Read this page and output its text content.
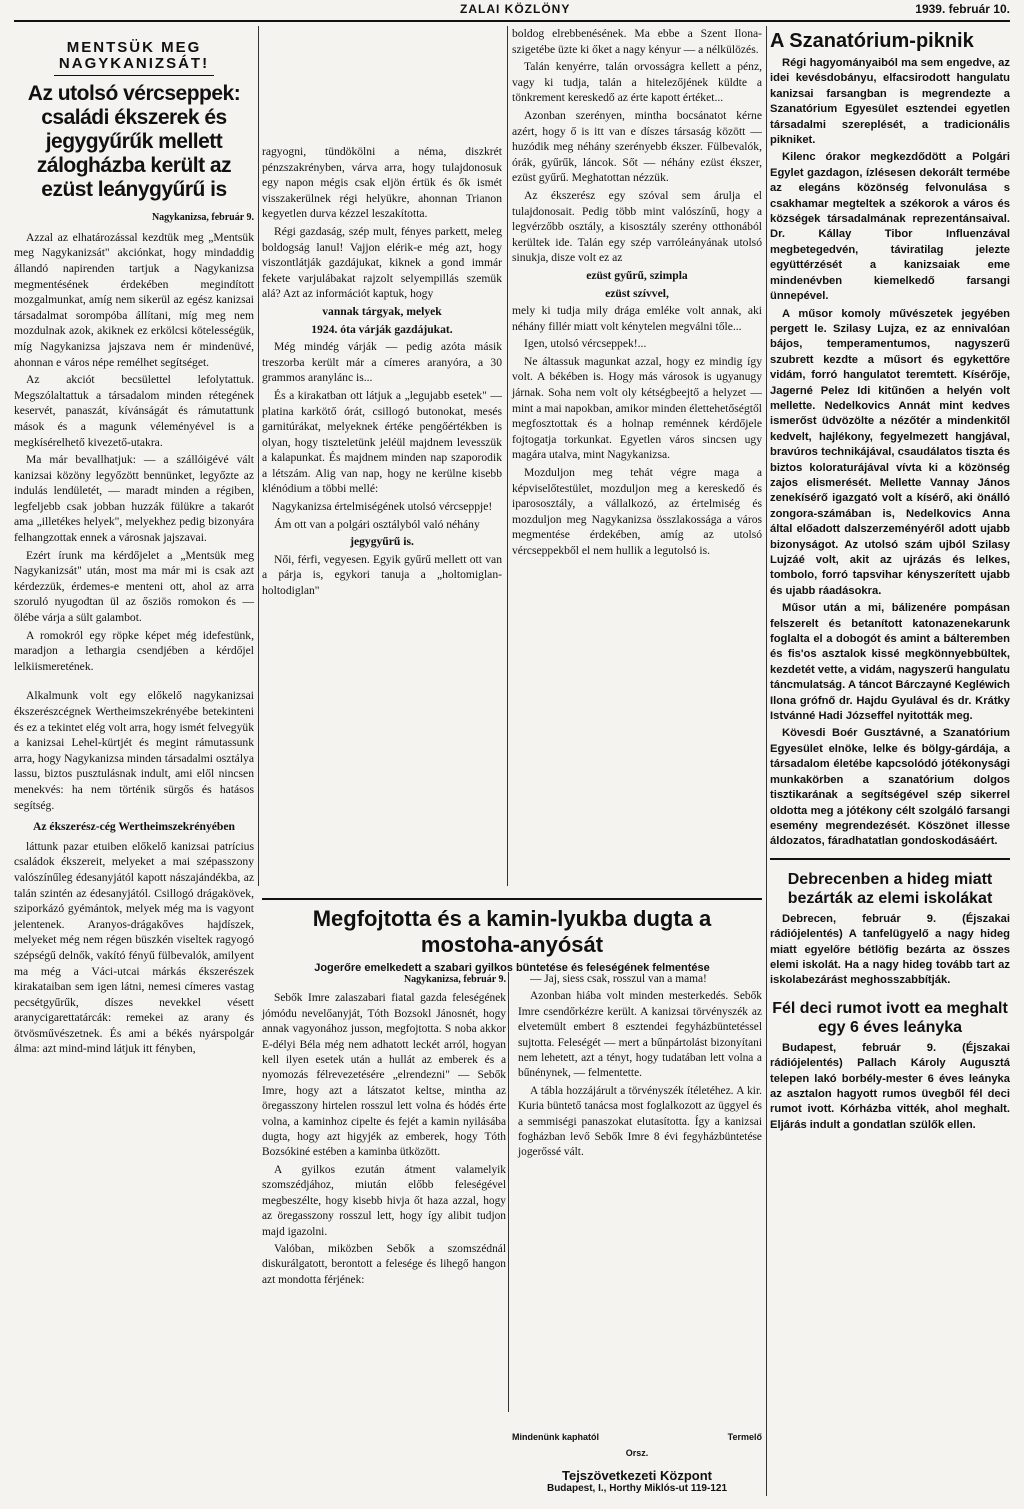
ZALAI KÖZLÖNY	1939. február 10.
MENTSÜK MEG NAGYKANIZSÁT!
Az utolsó vércseppek: családi ékszerek és jegygyűrűk mellett zálogházba került az ezüst leánygyűrű is
Nagykanizsa, február 9.

Azzal az elhatározással kezdtük meg „Mentsük meg Nagykanizsát" akciónkat, hogy mindaddig állandó napirenden tartjuk a Nagykanizsa megmentésének érdekében megindított mozgalmunkat, amíg nem sikerül az egész kanizsai társadalmat sorompóba állítani, míg meg nem mozdulnak azok, akiknek ez erkölcsi kötelességük, míg Nagykanizsa jajszava nem ér mindenüvé, ahonnan e város népe remélhet segítséget.

Az akciót becsülettel lefolytattuk. Megszólaltattuk a társadalom minden rétegének keservét, panaszát, kívánságát és rámutattunk mások és a magunk véleményével is a megkísérelhető kivezető-utakra.

Ma már bevallhatjuk: — a szállóigévé vált kanizsai közöny legyőzött bennünket, legyőzte az indulás lendületét, — maradt minden a régiben, legfeljebb csak jobban huzzák fülükre a takarót ama „illetékes helyek", melyekhez pedig bizonyára felhangzottak ennek a városnak jajszavai.

Ezért írunk ma kérdőjelet a „Mentsük meg Nagykanizsát" után, most ma már mi is csak azt kérdezzük, érdemes-e menteni ott, ahol az arra szoruló nyugodtan ül az ősziös romokon és — ölébe várja a sült galambot.

A romokról egy röpke képet még idefestünk, maradjon a lethargia csendjében a kérdőjel lelkiismeretének.

Alkalmunk volt egy előkelő nagykanizsai ékszerészcégnek Wertheimszekrényébe betekinteni és ez a tekintet elég volt arra, hogy ismét felvegyük a kanizsai Lehel-kürtjét és megint rámutassunk arra, hogy Nagykanizsa minden társadalmi osztálya lassu, biztos pusztulásnak indult, ami elől nincsen menekvés: ha nem történik sürgős és hatásos segítség.

Az ékszerész-cég Wertheimszekrényében

láttunk pazar etuiben előkelő kanizsai patrícius családok ékszereit, melyeket a mai szépasszony valószínűleg édesanyjától kapott nászajándékba, az talán szintén az édesanyjától. Csillogó drágakövek, sziporkázó gyémántok, melyek még ma is vagyont jelentenek. Aranyos-drágakőves hajdíszek, melyeket még nem régen büszkén viseltek ragyogó szépségű delnők, vakító fényű fülbevalók, amilyent ma még a Váci-utcai márkás ékszerészek kirakataiban sem igen látni, nemesi címeres vastag pecsétgyűrűk, díszes nevekkel vésett aranycigarettatárcák: remekei az arany és ötvösművészetnek. És ami a békés nyárspolgár álma: azt mind-mind látjuk itt fényben,

ragyogni, tündökölni a néma, diszkrét pénzszakrényben, várva arra, hogy tulajdonosuk egy napon mégis csak eljön értük és ők ismét visszakerülnek régi helyükre, ahonnan Trianon kegyetlen durva kézzel leszakította.

Régi gazdaság, szép mult, fényes parkett, meleg boldogság lanul! Vajjon elérik-e még azt, hogy viszontlátják gazdájukat, kiknek a gond immár fekete varjulábakat rajzolt selyempillás szemük alá? Azt az információt kaptuk, hogy

vannak tárgyak, melyek

1924. óta várják gazdájukat.

Még mindég várják — pedig azóta másik treszorba került már a címeres aranyóra, a 30 grammos aranylánc is...

És a kirakatban ott látjuk a „legujabb esetek" — platina karkötő órát, csillogó butonokat, mesés garnitúrákat, melyeknek értéke pengőértékben is olyan, hogy tiszteletünk jeléül majdnem levesszük a kalapunkat. És majdnem minden nap szaporodik a létszám. Alig van nap, hogy ne kerülne kisebb klénódium a többi mellé:

Nagykanizsa értelmiségének utolsó vércseppje!

Ám ott van a polgári osztályból való néhány

jegygyűrű is.

Női, férfi, vegyesen. Egyik gyűrű mellett ott van a párja is, egykori tanuja a „holtomiglan-holtodiglan"

boldog elrebbenésének. Ma ebbe a Szent Ilona-szigetébe üzte ki őket a nagy kényur — a nélkülözés.

Talán kenyérre, talán orvosságra kellett a pénz, vagy ki tudja, talán a hitelezőjének küldte a tönkrement kereskedő az érte kapott értéket...

Azonban szerényen, mintha bocsánatot kérne azért, hogy ő is itt van e díszes társaság között — huzódik meg néhány szerényebb ékszer. Fülbevalók, órák, gyűrűk, láncok. Sőt — néhány ezüst ékszer, ezüst gyűrű. Meghatottan nézzük.

Az ékszerész egy szóval sem árulja el tulajdonosait. Pedig több mint valószínű, hogy a legvérzőbb osztály, a kisosztály szerény otthonából kerültek ide. Talán egy szép varróleányának utolsó sinukja, disze volt ez az

ezüst gyűrű, szimpla

ezüst szívvel,

mely ki tudja mily drága emléke volt annak, aki néhány fillér miatt volt kénytelen megválni tőle...

Igen, utolsó vércseppek!...

Ne áltassuk magunkat azzal, hogy ez mindig így volt. A békében is. Hogy más városok is ugyanugy járnak. Soha nem volt oly kétségbeejtő a helyzet — mint a mai napokban, amikor minden élettehetőségtől megfosztottak és a holnap reménnek kérdőjele fojtogatja torkunkat. Egyetlen város sincsen ugy magára utalva, mint Nagykanizsa.

Mozduljon meg tehát végre maga a képviselőtestület, mozduljon meg a kereskedő és iparososztály, a vállalkozó, az értelmiség és mozduljon meg Nagykanizsa összlakossága a város megmentése érdekében, amíg az utolsó vércseppekből el nem hullik a legutolsó is.

A Szanatórium-piknik

Régi hagyományaiból ma sem engedve, az idei kevésdobányu, elfacsirodott hangulatu kanizsai farsangban is megrendezte a Szanatórium Egyesület esztendei egyetlen társadalmi szereplését, a tradicionális pikniket.

Kilenc órakor megkezdődött a Polgári Egylet gazdagon, ízlésesen dekorált termébe az elegáns közönség felvonulása s csakhamar megteltek a székorok a város és községek társadalmának reprezentánsaival. Dr. Kállay Tibor Influenzával megbetegedvén, táviratilag jelezte együttérzését a kanizsaiak eme mindenévben kiemelkedő farsangi ünnepével.

A műsor komoly művészetek jegyében pergett le. Szilasy Lujza, ez az ennivalóan bájos, temperamentumos, nagyszerű szubrett kezdte a műsort és egykettőre vidám, forró hangulatot teremtett. Kísérője, Jagerné Pelez Idi kitűnően a helyén volt mellette. Nedelkovics Annát mint kedves ismerőst üdvözölte a nézőtér a mindenkitől kedvelt, hajlékony, fegyelmezett hangjával, bravúros technikájával, csaudálatos tiszta és biztos koloraturájával vívta ki a közönség zajos elismerését. Mellette Vannay János zenekísérő igazgató volt a kísérő, aki önálló zongora-számában is, Nedelkovics Anna által előadott dalszerzeményéről adott ujabb bizonyságot. Az utolsó szám ujból Szilasy Lujzáé volt, akit az ujrázás és lelkes, tombolo, forró tapsvihar kényszerített ujabb és ujabb ráadásokra.

Műsor után a mi, bálizenére pompásan felszerelt és betanított katonazenekarunk foglalta el a dobogót és amint a bálteremben és fis'os asztalok kissé megkönnyebbültek, kezdetét vette, a vidám, nagyszerű hangulatu táncmulatság. A táncot Bárczayné Kegléwich Ilona grófnő dr. Hajdu Gyulával és dr. Krátky Istvánné Hadi Józseffel nyitották meg.

Kövesdi Boér Gusztávné, a Szanatórium Egyesület elnöke, lelke és bölgy-gárdája, a társadalom életébe kapcsolódó jótékonysági munkakörben a szanatórium dolgos tisztikarának a segítségével szép sikerrel oldotta meg a jótékony célt szolgáló farsangi esemény megrendezését. Köszönet illesse áldozatos, fáradhatatlan gondoskodásáért.

Debrecenben a hideg miatt bezárták az elemi iskolákat

Debrecen, február 9. (Éjszakai rádiójelentés) A tanfelügyelő a nagy hideg miatt egyelőre bétlöfig bezárta az összes elemi iskolát. Ha a nagy hideg tovább tart az iskolabezárást meghosszabbítják.

Fél deci rumot ivott ea meghalt egy 6 éves leányka

Budapest, február 9. (Éjszakai rádiójelentés) Pallach Károly Augusztá telepen lakó borbély-mester 6 éves leányka az asztalon hagyott rumos üvegből fél deci rumot ivott. Kórházba vitték, ahol meghalt. Eljárás indult a gondatlan szülők ellen.

Megfojtotta és a kamin-lyukba dugta a

mostoha-anyósát

Jogerőre emelkedett a szabari gyilkos büntetése és feleségének felmentése

Nagykanizsa, február 9.

Sebők Imre zalaszabari fiatal gazda feleségének jómódu nevelőanyját, Tóth Bozsokl Jánosnét, hogy annak vagyonához jusson, megfojtotta. S noba akkor E-délyi Béla még nem adhatott leckét arról, hogyan kell ilyen esetek után a hullát az emberek és a nyomozás félrevezetésére „elrendezni" — Sebők Imre, hogy azt a látszatot keltse, mintha az öregasszony hirtelen rosszul lett volna és hódés érte volna, a kaminhoz cipelte és fejét a kamin nyilásába dugta, hogy azt higyjék az emberek, hogy Tóth Bozsókiné estében a kaminba ütközött.

A gyilkos ezután átment valamelyik szomszédjához, miután előbb feleségével megbeszélte, hogy kisebb hivja őt haza azzal, hogy az öregasszony rosszul lett, hogy így alibit tudjon majd igazolni.

Valóban, miközben Sebők a szomszédnál diskurálgatott, berontott a felesége és lihegő hangon azt mondotta férjének:

— Jaj, siess csak, rosszul van a mama!

Azonban hiába volt minden mesterkedés. Sebők Imre csendőrkézre került. A kanizsai törvényszék az elvetemült embert 8 esztendei fegyházbüntetéssel sujtotta. Feleségét — mert a bűnpártolást bizonyítani nem lehetett, azt a tényt, hogy tudatában lett volna a bűnénynek, — felmentette.

A tábla hozzájárult a törvényszék ítéletéhez. A kir. Kuria büntető tanácsa most foglalkozott az üggyel és a semmiségi panaszokat elutasította. Így a kanizsai fogházban levő Sebők Imre 8 évi fegyházbüntetése jogerőssé vált.

Mindenünk kaphatól	Termelő
Orsz.
Tejszövetkezeti Központ
Budapest, I., Horthy Miklós-ut 119-121
